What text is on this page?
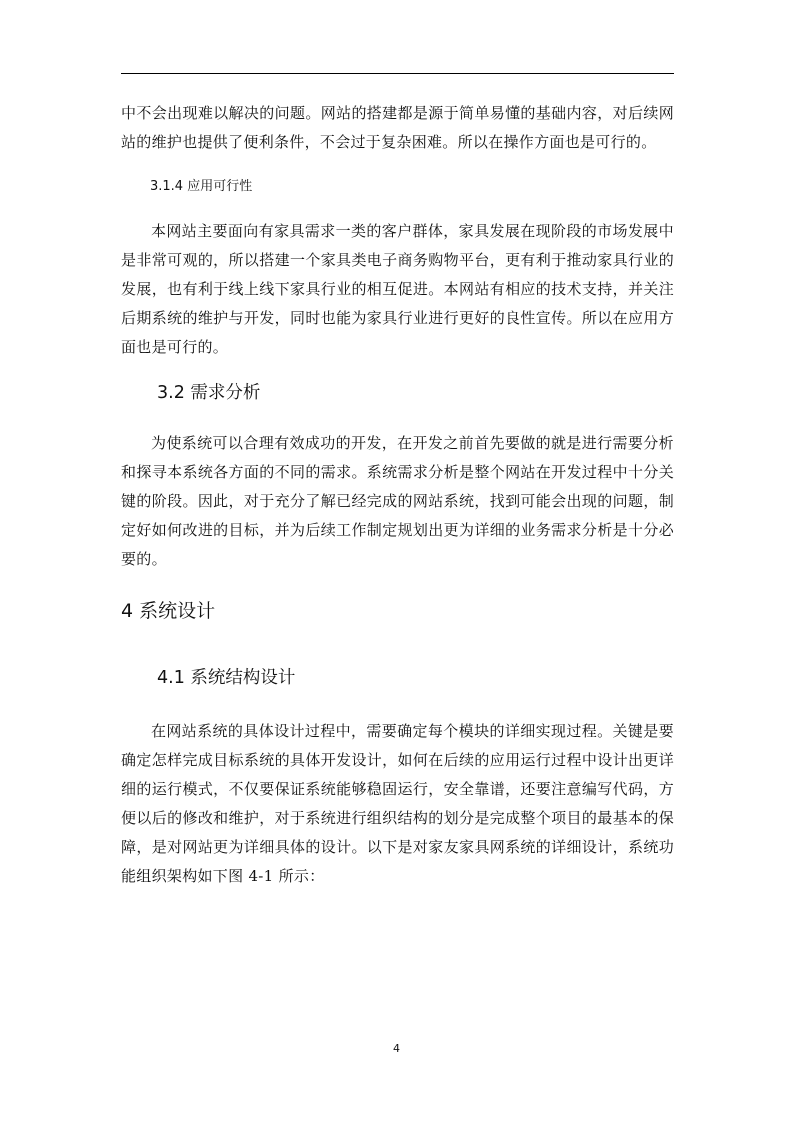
中不会出现难以解决的问题。网站的搭建都是源于简单易懂的基础内容，对后续网站的维护也提供了便利条件，不会过于复杂困难。所以在操作方面也是可行的。

3.1.4 应用可行性

本网站主要面向有家具需求一类的客户群体，家具发展在现阶段的市场发展中是非常可观的，所以搭建一个家具类电子商务购物平台，更有利于推动家具行业的发展，也有利于线上线下家具行业的相互促进。本网站有相应的技术支持，并关注后期系统的维护与开发，同时也能为家具行业进行更好的良性宣传。所以在应用方面也是可行的。

3.2 需求分析

为使系统可以合理有效成功的开发，在开发之前首先要做的就是进行需要分析和探寻本系统各方面的不同的需求。系统需求分析是整个网站在开发过程中十分关键的阶段。因此，对于充分了解已经完成的网站系统，找到可能会出现的问题，制定好如何改进的目标，并为后续工作制定规划出更为详细的业务需求分析是十分必要的。

4 系统设计
4.1 系统结构设计

在网站系统的具体设计过程中，需要确定每个模块的详细实现过程。关键是要确定怎样完成目标系统的具体开发设计，如何在后续的应用运行过程中设计出更详细的运行模式，不仅要保证系统能够稳固运行，安全靠谱，还要注意编写代码，方便以后的修改和维护，对于系统进行组织结构的划分是完成整个项目的最基本的保障，是对网站更为详细具体的设计。以下是对家友家具网系统的详细设计，系统功能组织架构如下图 4-1 所示：

4
